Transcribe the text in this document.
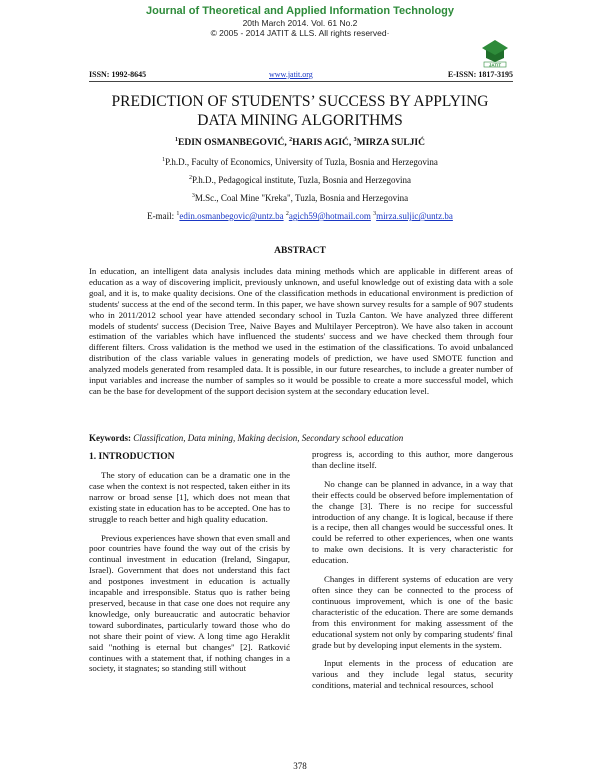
Journal of Theoretical and Applied Information Technology
20th March 2014. Vol. 61 No.2
© 2005 - 2014 JATIT & LLS. All rights reserved·
JATIT
ISSN: 1992-8645	www.jatit.org	E-ISSN: 1817-3195
PREDICTION OF STUDENTS’ SUCCESS BY APPLYING
DATA MINING ALGORITHMS
$^1$EDIN OSMANBEGOVIĆ, $^2$HARIS AGIĆ, $^3$MIRZA SULJIĆ
$^1$P.h.D., Faculty of Economics, University of Tuzla, Bosnia and Herzegovina
$^2$P.h.D., Pedagogical institute, Tuzla, Bosnia and Herzegovina
$^3$M.Sc., Coal Mine "Kreka", Tuzla, Bosnia and Herzegovina
E-mail: $^1$edin.osmanbegovic@untz.ba $^2$agich59@hotmail.com $^3$mirza.suljic@untz.ba
ABSTRACT
In education, an intelligent data analysis includes data mining methods which are applicable in different areas of education as a way of discovering implicit, previously unknown, and useful knowledge out of existing data with a sole goal, and it is, to make quality decisions. One of the classification methods in educational environment is prediction of students' success at the end of the second term. In this paper, we have shown survey results for a sample of 907 students who in 2011/2012 school year have attended secondary school in Tuzla Canton. We have analyzed three different models of students' success (Decision Tree, Naive Bayes and Multilayer Perceptron). We have also taken in account estimation of the variables which have influenced the students' success and we have checked them through four different filters. Cross validation is the method we used in the estimation of the classifications. To avoid unbalanced distribution of the class variable values in generating models of prediction, we have used SMOTE function and analyzed models generated from resampled data. It is possible, in our future researches, to include a greater number of input variables and increase the number of samples so it would be possible to create a more successful model, which can be the base for development of the support decision system at the secondary education level.
Keywords: Classification, Data mining, Making decision, Secondary school education
1. INTRODUCTION

The story of education can be a dramatic one in the case when the context is not respected, taken either in its narrow or broad sense [1], which does not mean that existing state in education has to be accepted. One has to struggle to reach better and high quality education.

Previous experiences have shown that even small and poor countries have found the way out of the crisis by continual investment in education (Ireland, Singapur, Israel). Government that does not understand this fact and postpones investment in education is actually incapable and irresponsible. Status quo is rather being preserved, because in that case one does not require any knowledge, only bureaucratic and autocratic behavior toward subordinates, particularly toward those who do not share their point of view. A long time ago Heraklit said "nothing is eternal but changes" [2]. Ratković continues with a statement that, if nothing changes in a society, it stagnates; so standing still without

progress is, according to this author, more dangerous than decline itself.

No change can be planned in advance, in a way that their effects could be observed before implementation of the change [3]. There is no recipe for successful introduction of any change. It is logical, because if there is a recipe, then all changes would be successful ones. It could be referred to other experiences, when one wants to make own decisions. It is very characteristic for education.

Changes in different systems of education are very often since they can be connected to the process of continuous improvement, which is one of the basic characteristic of the education. There are some demands from this environment for making assessment of the educational system not only by comparing students' final grade but by developing input elements in the system.

Input elements in the process of education are various and they include legal status, security conditions, material and technical resources, school

378
